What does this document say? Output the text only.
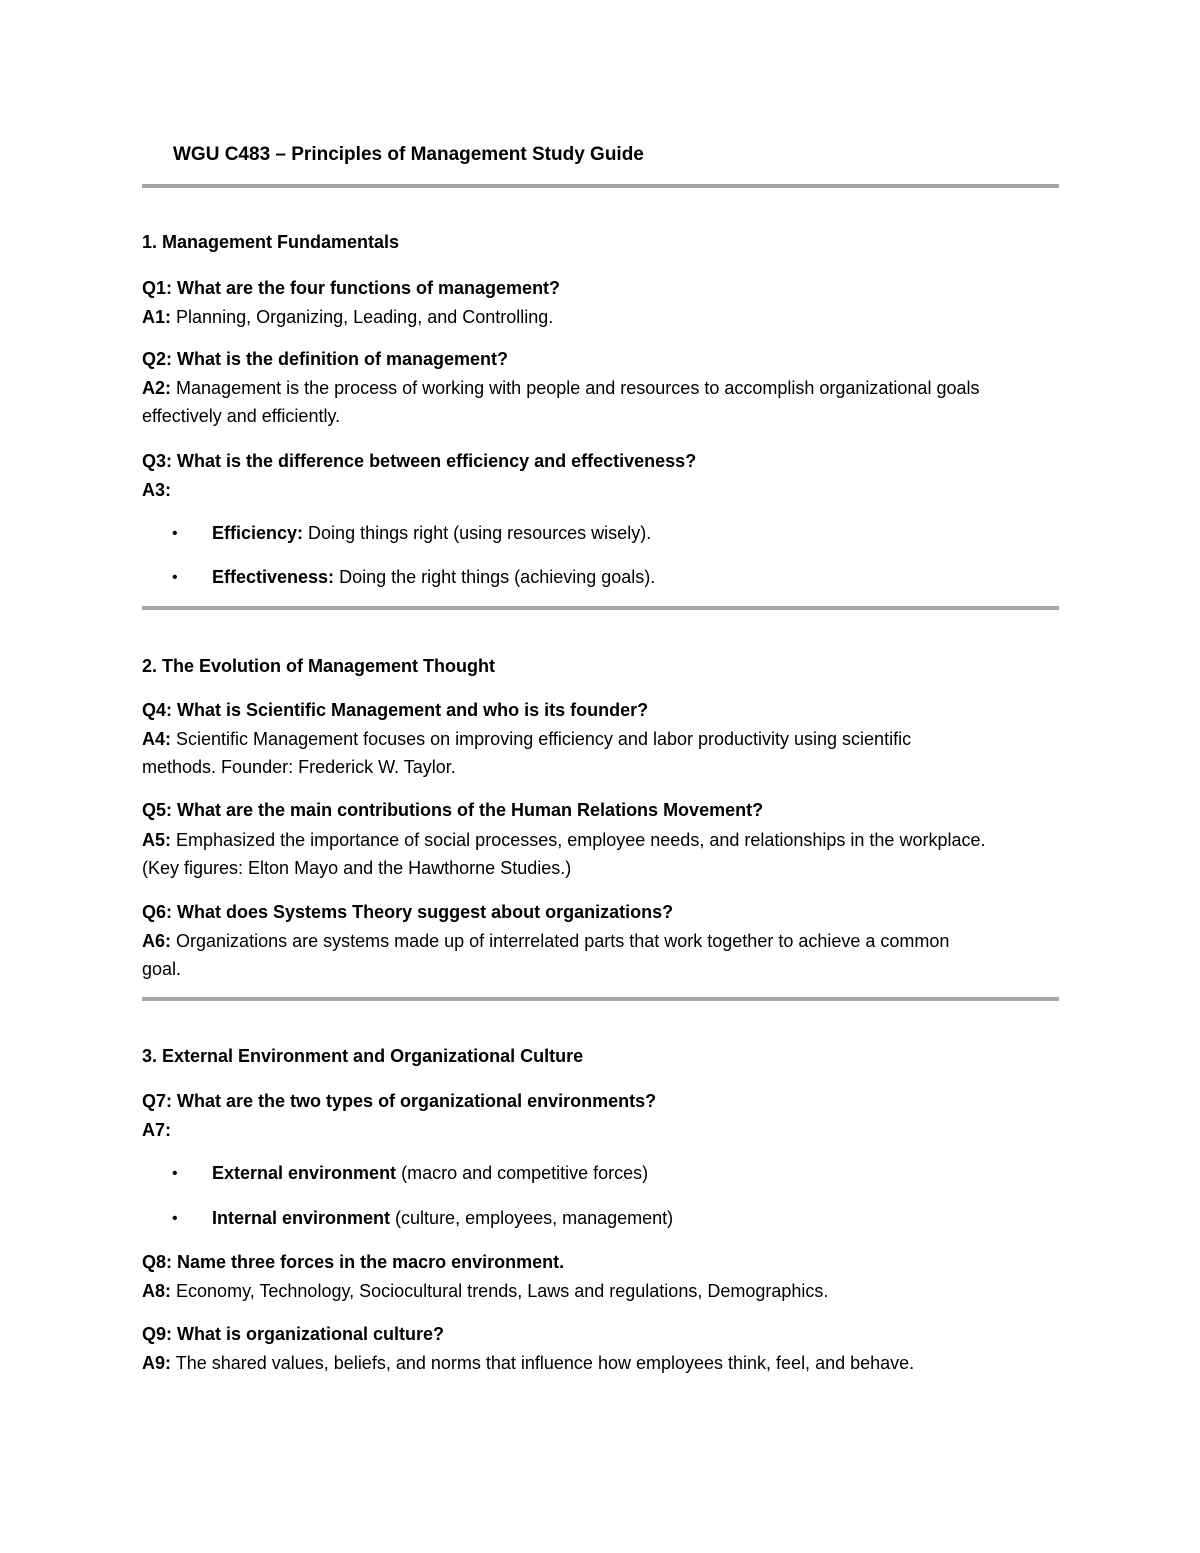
WGU C483 – Principles of Management Study Guide
1. Management Fundamentals
Q1: What are the four functions of management?
A1: Planning, Organizing, Leading, and Controlling.
Q2: What is the definition of management?
A2: Management is the process of working with people and resources to accomplish organizational goals
effectively and efficiently.
Q3: What is the difference between efficiency and effectiveness?
A3:
• Efficiency: Doing things right (using resources wisely).
• Effectiveness: Doing the right things (achieving goals).
2. The Evolution of Management Thought
Q4: What is Scientific Management and who is its founder?
A4: Scientific Management focuses on improving efficiency and labor productivity using scientific
methods. Founder: Frederick W. Taylor.
Q5: What are the main contributions of the Human Relations Movement?
A5: Emphasized the importance of social processes, employee needs, and relationships in the workplace.
(Key figures: Elton Mayo and the Hawthorne Studies.)
Q6: What does Systems Theory suggest about organizations?
A6: Organizations are systems made up of interrelated parts that work together to achieve a common
goal.
3. External Environment and Organizational Culture
Q7: What are the two types of organizational environments?
A7:
• External environment (macro and competitive forces)
• Internal environment (culture, employees, management)
Q8: Name three forces in the macro environment.
A8: Economy, Technology, Sociocultural trends, Laws and regulations, Demographics.
Q9: What is organizational culture?
A9: The shared values, beliefs, and norms that influence how employees think, feel, and behave.
